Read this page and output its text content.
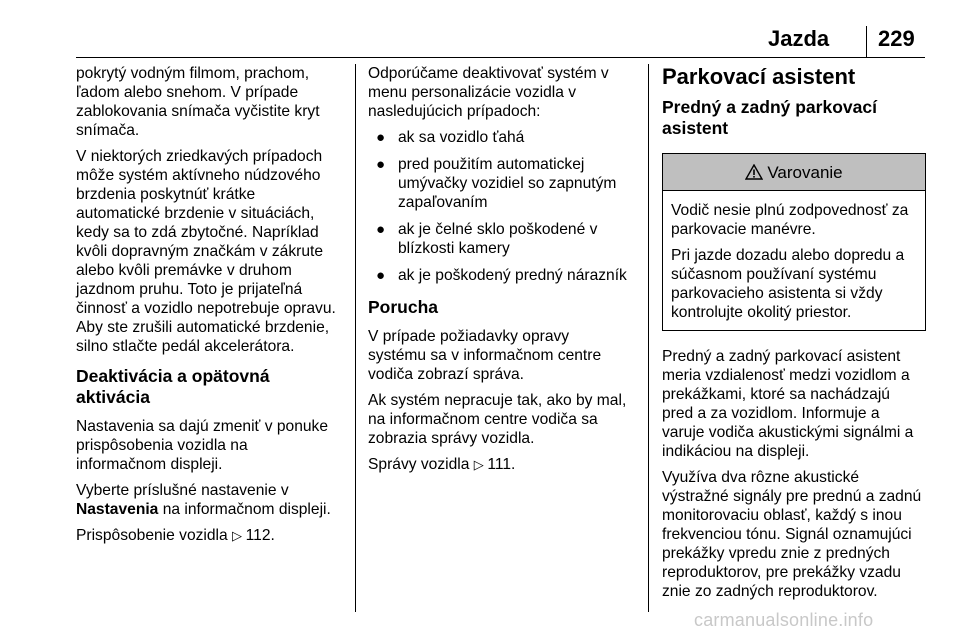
Jazda 229

pokrytý vodným filmom, prachom,
ľadom alebo snehom. V prípade
zablokovania snímača vyčistite kryt
snímača.

V niektorých zriedkavých prípadoch
môže systém aktívneho núdzového
brzdenia poskytnúť krátke
automatické brzdenie v situáciách,
kedy sa to zdá zbytočné. Napríklad
kvôli dopravným značkám v zákrute
alebo kvôli premávke v druhom
jazdnom pruhu. Toto je prijateľná
činnosť a vozidlo nepotrebuje opravu.
Aby ste zrušili automatické brzdenie,
silno stlačte pedál akcelerátora.

Deaktivácia a opätovná aktivácia

Nastavenia sa dajú zmeniť v ponuke
prispôsobenia vozidla na
informačnom displeji.

Vyberte príslušné nastavenie v
Nastavenia na informačnom displeji.

Prispôsobenie vozidla ▷ 112.

Odporúčame deaktivovať systém v
menu personalizácie vozidla v
nasledujúcich prípadoch:

● ak sa vozidlo ťahá
● pred použitím automatickej
umývačky vozidiel so zapnutým
zapaľovaním
● ak je čelné sklo poškodené v
blízkosti kamery
● ak je poškodený predný nárazník
Porucha

V prípade požiadavky opravy
systému sa v informačnom centre
vodiča zobrazí správa.

Ak systém nepracuje tak, ako by mal,
na informačnom centre vodiča sa
zobrazia správy vozidla.

Správy vozidla ▷ 111.

Parkovací asistent
Predný a zadný parkovací
asistent
Varovanie

Vodič nesie plnú zodpovednosť za
parkovacie manévre.

Pri jazde dozadu alebo dopredu a
súčasnom používaní systému
parkovacieho asistenta si vždy
kontrolujte okolitý priestor.

Predný a zadný parkovací asistent
meria vzdialenosť medzi vozidlom a
prekážkami, ktoré sa nachádzajú
pred a za vozidlom. Informuje a
varuje vodiča akustickými signálmi a
indikáciou na displeji.

Využíva dva rôzne akustické
výstražné signály pre prednú a zadnú
monitorovaciu oblasť, každý s inou
frekvenciou tónu. Signál oznamujúci
prekážky vpredu znie z predných
reproduktorov, pre prekážky vzadu
znie zo zadných reproduktorov.

carmanualsonline.info
